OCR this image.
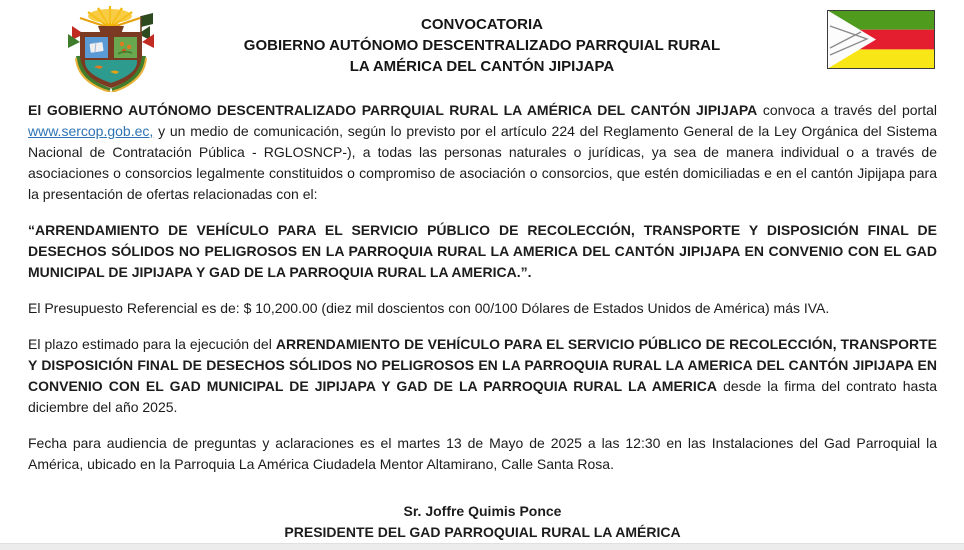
CONVOCATORIA
GOBIERNO AUTÓNOMO DESCENTRALIZADO PARRQUIAL RURAL
LA AMÉRICA DEL CANTÓN JIPIJAPA

El GOBIERNO AUTÓNOMO DESCENTRALIZADO PARRQUIAL RURAL LA AMÉRICA DEL CANTÓN JIPIJAPA convoca a través del portal www.sercop.gob.ec, y un medio de comunicación, según lo previsto por el artículo 224 del Reglamento General de la Ley Orgánica del Sistema Nacional de Contratación Pública - RGLOSNCP-), a todas las personas naturales o jurídicas, ya sea de manera individual o a través de asociaciones o consorcios legalmente constituidos o compromiso de asociación o consorcios, que estén domiciliadas e en el cantón Jipijapa para la presentación de ofertas relacionadas con el:

“ARRENDAMIENTO DE VEHÍCULO PARA EL SERVICIO PÚBLICO DE RECOLECCIÓN, TRANSPORTE Y DISPOSICIÓN FINAL DE DESECHOS SÓLIDOS NO PELIGROSOS EN LA PARROQUIA RURAL LA AMERICA DEL CANTÓN JIPIJAPA EN CONVENIO CON EL GAD MUNICIPAL DE JIPIJAPA Y GAD DE LA PARROQUIA RURAL LA AMERICA.”.

El Presupuesto Referencial es de: $ 10,200.00 (diez mil doscientos con 00/100 Dólares de Estados Unidos de América) más IVA.

El plazo estimado para la ejecución del ARRENDAMIENTO DE VEHÍCULO PARA EL SERVICIO PÚBLICO DE RECOLECCIÓN, TRANSPORTE Y DISPOSICIÓN FINAL DE DESECHOS SÓLIDOS NO PELIGROSOS EN LA PARROQUIA RURAL LA AMERICA DEL CANTÓN JIPIJAPA EN CONVENIO CON EL GAD MUNICIPAL DE JIPIJAPA Y GAD DE LA PARROQUIA RURAL LA AMERICA desde la firma del contrato hasta diciembre del año 2025.

Fecha para audiencia de preguntas y aclaraciones es el martes 13 de Mayo de 2025 a las 12:30 en las Instalaciones del Gad Parroquial la América, ubicado en la Parroquia La América Ciudadela Mentor Altamirano, Calle Santa Rosa.

Sr. Joffre Quimis Ponce
PRESIDENTE DEL GAD PARROQUIAL RURAL LA AMÉRICA
